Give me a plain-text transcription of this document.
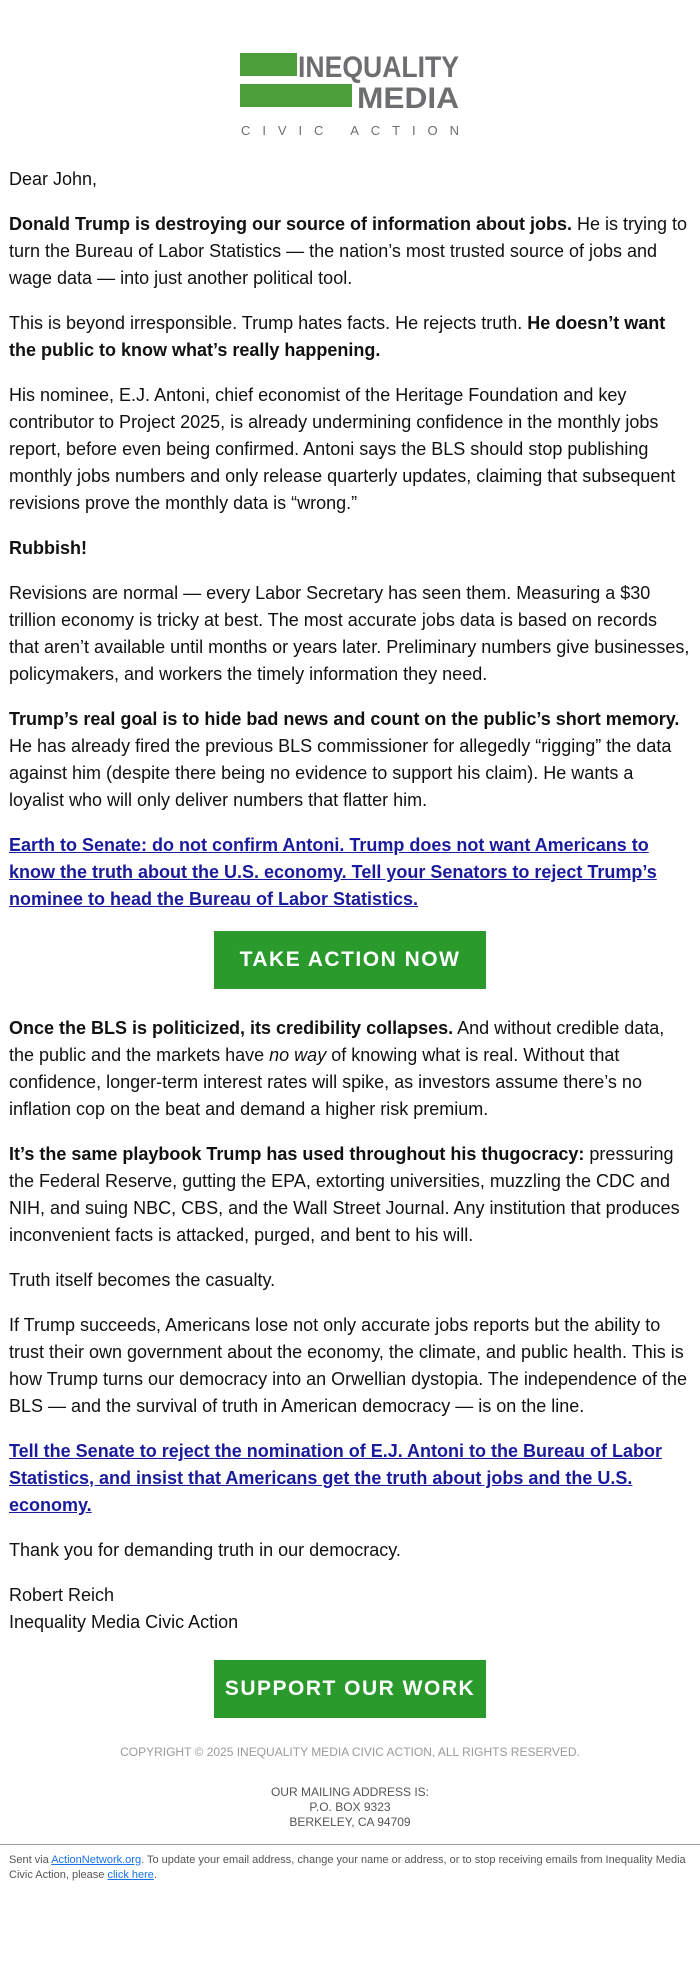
INEQUALITY
MEDIA
CIVIC ACTION

Dear John,

Donald Trump is destroying our source of information about jobs. He is trying to turn the Bureau of Labor Statistics — the nation’s most trusted source of jobs and wage data — into just another political tool.

This is beyond irresponsible. Trump hates facts. He rejects truth. He doesn’t want the public to know what’s really happening.

His nominee, E.J. Antoni, chief economist of the Heritage Foundation and key contributor to Project 2025, is already undermining confidence in the monthly jobs report, before even being confirmed. Antoni says the BLS should stop publishing monthly jobs numbers and only release quarterly updates, claiming that subsequent revisions prove the monthly data is “wrong.”

Rubbish!

Revisions are normal — every Labor Secretary has seen them. Measuring a $30 trillion economy is tricky at best. The most accurate jobs data is based on records that aren’t available until months or years later. Preliminary numbers give businesses, policymakers, and workers the timely information they need.

Trump’s real goal is to hide bad news and count on the public’s short memory. He has already fired the previous BLS commissioner for allegedly “rigging” the data against him (despite there being no evidence to support his claim). He wants a loyalist who will only deliver numbers that flatter him.

Earth to Senate: do not confirm Antoni. Trump does not want Americans to know the truth about the U.S. economy. Tell your Senators to reject Trump’s nominee to head the Bureau of Labor Statistics.

TAKE ACTION NOW

Once the BLS is politicized, its credibility collapses. And without credible data, the public and the markets have no way of knowing what is real. Without that confidence, longer-term interest rates will spike, as investors assume there’s no inflation cop on the beat and demand a higher risk premium.

It’s the same playbook Trump has used throughout his thugocracy: pressuring the Federal Reserve, gutting the EPA, extorting universities, muzzling the CDC and NIH, and suing NBC, CBS, and the Wall Street Journal. Any institution that produces inconvenient facts is attacked, purged, and bent to his will.

Truth itself becomes the casualty.

If Trump succeeds, Americans lose not only accurate jobs reports but the ability to trust their own government about the economy, the climate, and public health. This is how Trump turns our democracy into an Orwellian dystopia. The independence of the BLS — and the survival of truth in American democracy — is on the line.

Tell the Senate to reject the nomination of E.J. Antoni to the Bureau of Labor Statistics, and insist that Americans get the truth about jobs and the U.S. economy.

Thank you for demanding truth in our democracy.

Robert Reich
Inequality Media Civic Action
SUPPORT OUR WORK
COPYRIGHT © 2025 INEQUALITY MEDIA CIVIC ACTION, ALL RIGHTS RESERVED.
OUR MAILING ADDRESS IS:
P.O. BOX 9323
BERKELEY, CA 94709
Sent via ActionNetwork.org. To update your email address, change your name or address, or to stop receiving emails from Inequality Media Civic Action, please click here.
